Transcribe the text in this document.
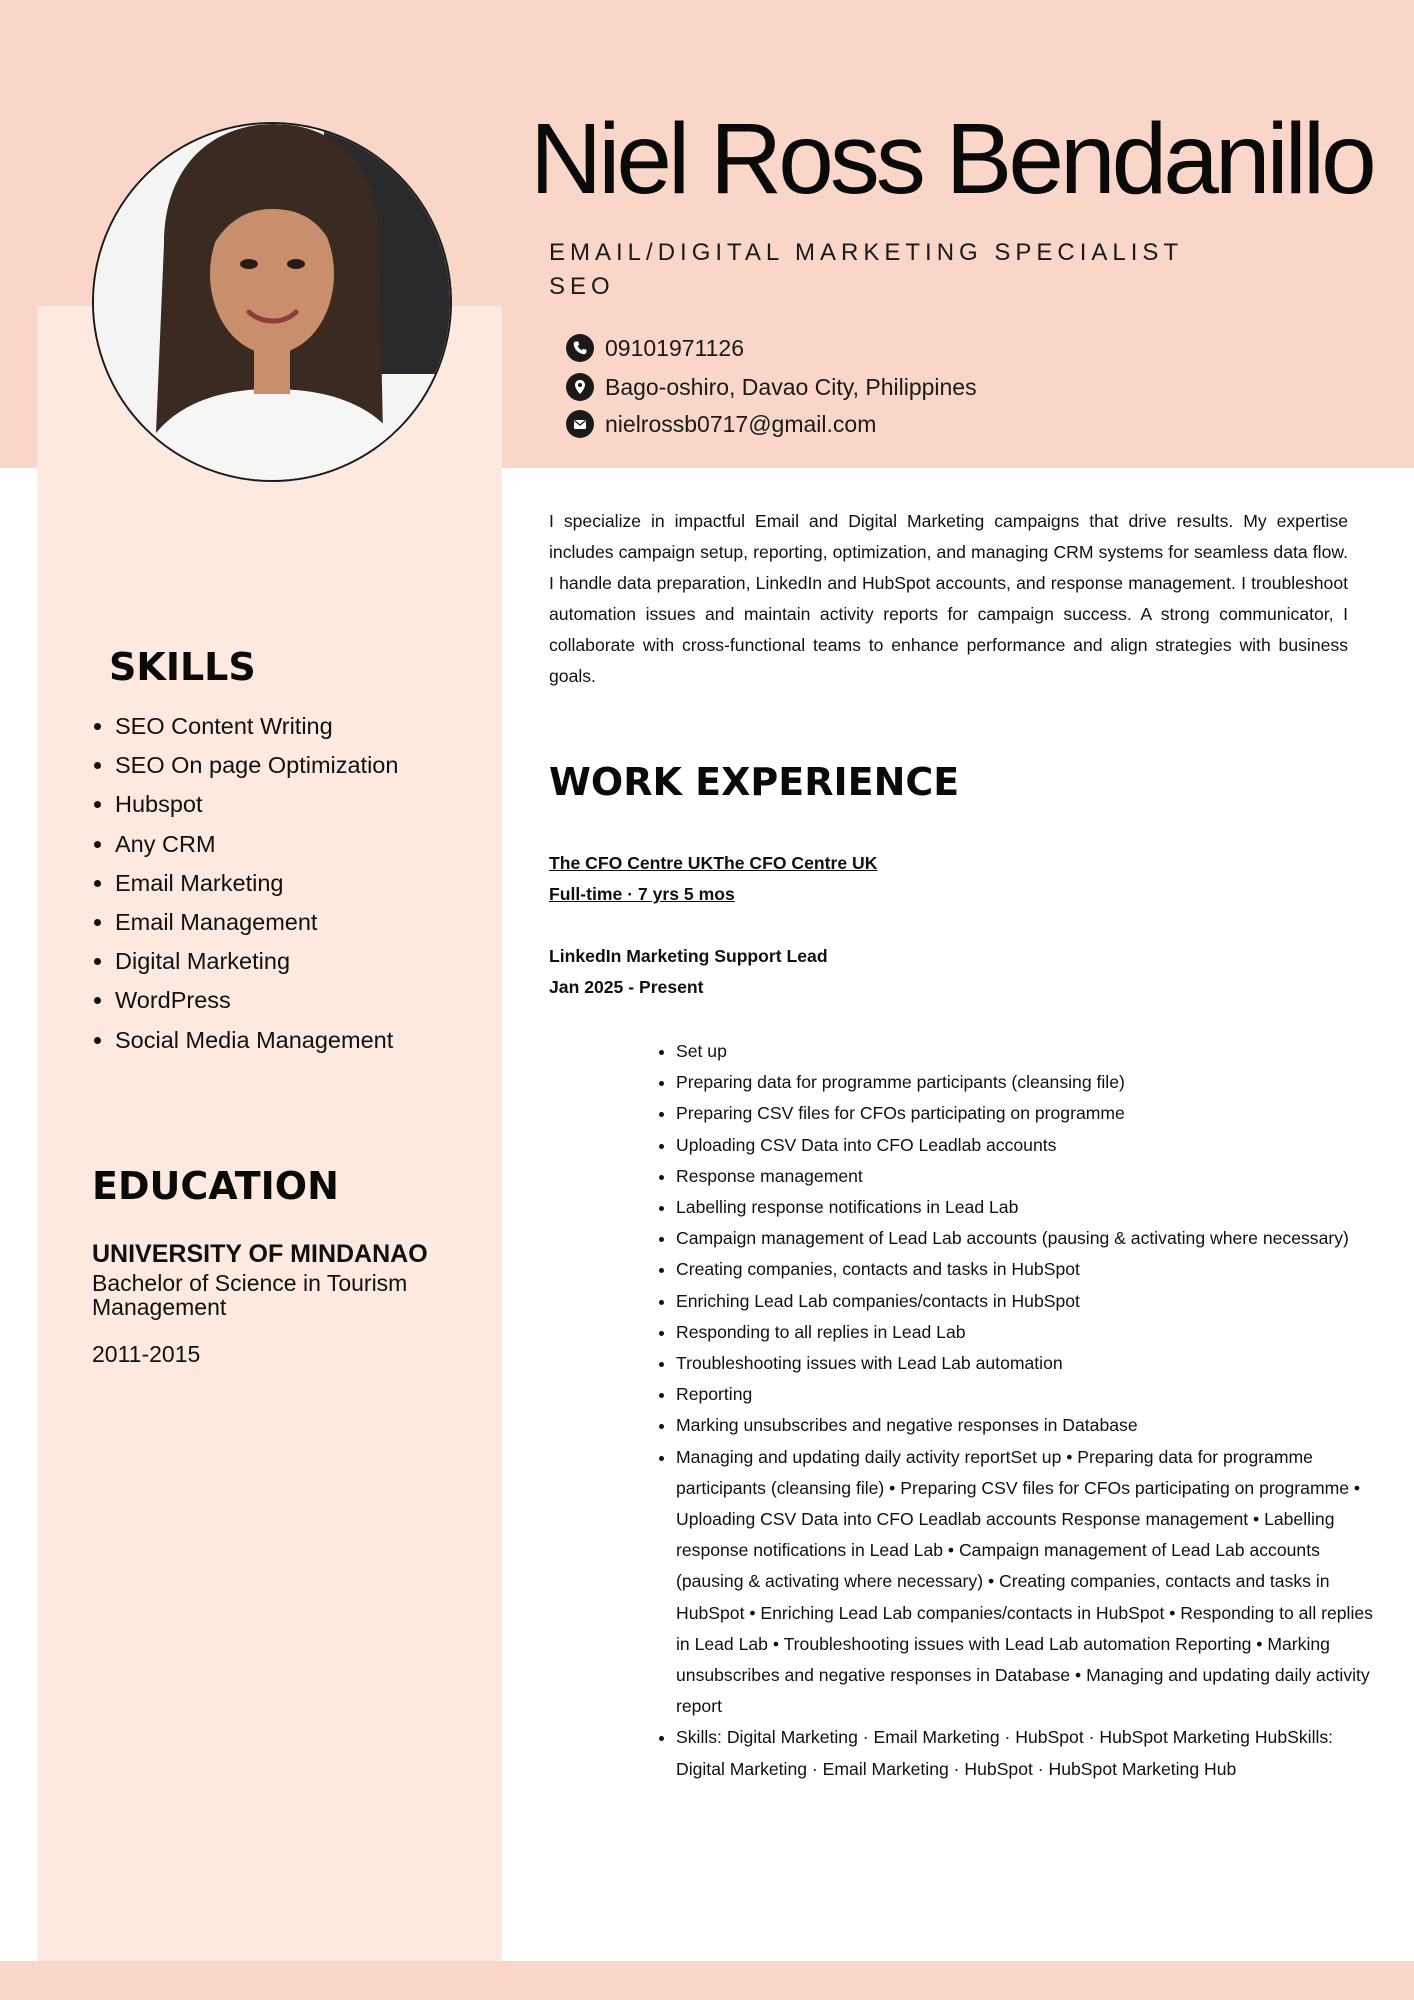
Niel Ross Bendanillo
EMAIL/DIGITAL MARKETING SPECIALIST
SEO
09101971126
Bago-oshiro, Davao City, Philippines
nielrossb0717@gmail.com

I specialize in impactful Email and Digital Marketing campaigns that drive results. My expertise includes campaign setup, reporting, optimization, and managing CRM systems for seamless data flow. I handle data preparation, LinkedIn and HubSpot accounts, and response management. I troubleshoot automation issues and maintain activity reports for campaign success. A strong communicator, I collaborate with cross-functional teams to enhance performance and align strategies with business goals.

SKILLS
• SEO Content Writing
• SEO On page Optimization
• Hubspot
• Any CRM
• Email Marketing
• Email Management
• Digital Marketing
• WordPress
• Social Media Management
EDUCATION
UNIVERSITY OF MINDANAO
Bachelor of Science in Tourism Management
2011-2015
WORK EXPERIENCE
The CFO Centre UKThe CFO Centre UK
Full-time · 7 yrs 5 mos
LinkedIn Marketing Support Lead
Jan 2025 - Present
• Set up
• Preparing data for programme participants (cleansing file)
• Preparing CSV files for CFOs participating on programme
• Uploading CSV Data into CFO Leadlab accounts
• Response management
• Labelling response notifications in Lead Lab
• Campaign management of Lead Lab accounts (pausing & activating where necessary)
• Creating companies, contacts and tasks in HubSpot
• Enriching Lead Lab companies/contacts in HubSpot
• Responding to all replies in Lead Lab
• Troubleshooting issues with Lead Lab automation
• Reporting
• Marking unsubscribes and negative responses in Database
• Managing and updating daily activity reportSet up • Preparing data for programme participants (cleansing file) • Preparing CSV files for CFOs participating on programme • Uploading CSV Data into CFO Leadlab accounts Response management • Labelling response notifications in Lead Lab • Campaign management of Lead Lab accounts (pausing & activating where necessary) • Creating companies, contacts and tasks in HubSpot • Enriching Lead Lab companies/contacts in HubSpot • Responding to all replies in Lead Lab • Troubleshooting issues with Lead Lab automation Reporting • Marking unsubscribes and negative responses in Database • Managing and updating daily activity report
• Skills: Digital Marketing · Email Marketing · HubSpot · HubSpot Marketing HubSkills: Digital Marketing · Email Marketing · HubSpot · HubSpot Marketing Hub
